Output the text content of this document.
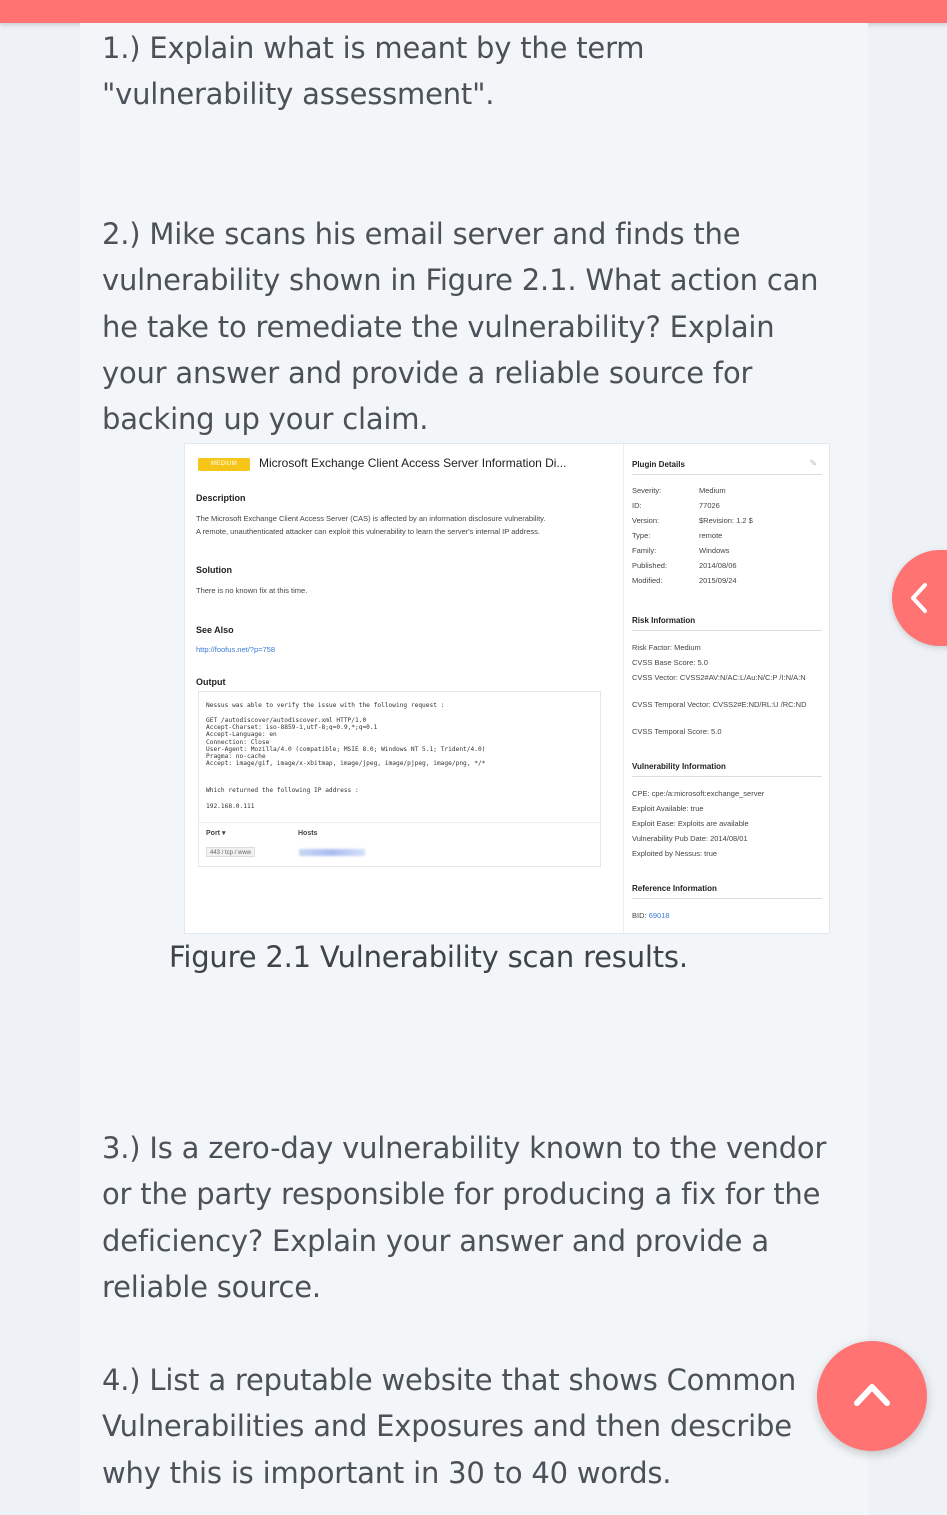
1.) Explain what is meant by the term "vulnerability assessment".
2.) Mike scans his email server and finds the vulnerability shown in Figure 2.1. What action can he take to remediate the vulnerability? Explain your answer and provide a reliable source for backing up your claim.
MEDIUM	Microsoft Exchange Client Access Server Information Di...
Description
The Microsoft Exchange Client Access Server (CAS) is affected by an information disclosure vulnerability.
A remote, unauthenticated attacker can exploit this vulnerability to learn the server's internal IP address.
Solution
There is no known fix at this time.
See Also
http://foofus.net/?p=758
Output
Nessus was able to verify the issue with the following request :
GET /autodiscover/autodiscover.xml HTTP/1.0
Accept-Charset: iso-8859-1,utf-8;q=0.9,*;q=0.1
Accept-Language: en
Connection: Close
User-Agent: Mozilla/4.0 (compatible; MSIE 8.0; Windows NT 5.1; Trident/4.0)
Pragma: no-cache
Accept: image/gif, image/x-xbitmap, image/jpeg, image/pjpeg, image/png, */*
Which returned the following IP address :
192.168.0.111
Port ▾	Hosts
443 / tcp / www
✎
Plugin Details
Severity:	Medium
ID:	77026
Version:	$Revision: 1.2 $
Type:	remote
Family:	Windows
Published:	2014/08/06
Modified:	2015/09/24
Risk Information
Risk Factor: Medium
CVSS Base Score: 5.0
CVSS Vector: CVSS2#AV:N/AC:L/Au:N/C:P /I:N/A:N
CVSS Temporal Vector: CVSS2#E:ND/RL:U /RC:ND
CVSS Temporal Score: 5.0
Vulnerability Information
CPE: cpe:/a:microsoft:exchange_server
Exploit Available: true
Exploit Ease: Exploits are available
Vulnerability Pub Date: 2014/08/01
Exploited by Nessus: true
Reference Information
BID: 69018
Figure 2.1 Vulnerability scan results.
3.) Is a zero-day vulnerability known to the vendor or the party responsible for producing a fix for the deficiency? Explain your answer and provide a reliable source.
4.) List a reputable website that shows Common Vulnerabilities and Exposures and then describe why this is important in 30 to 40 words.
